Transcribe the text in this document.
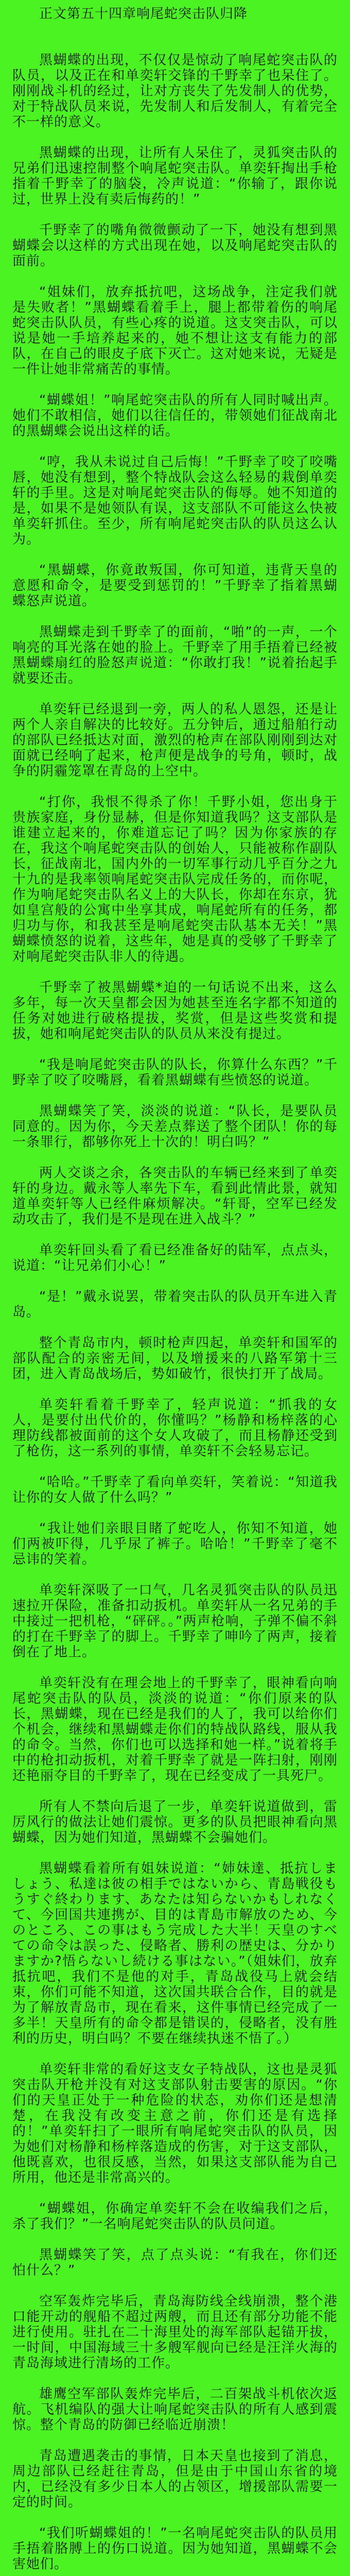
正文第五十四章响尾蛇突击队归降

黑蝴蝶的出现，不仅仅是惊动了响尾蛇突击队的队员，以及正在和单奕轩交锋的千野幸了也呆住了。刚刚战斗机的经过，让对方丧失了先发制人的优势，对于特战队员来说，先发制人和后发制人，有着完全不一样的意义。

黑蝴蝶的出现，让所有人呆住了，灵狐突击队的兄弟们迅速控制整个响尾蛇突击队。单奕轩掏出手枪指着千野幸了的脑袋，冷声说道：“你输了，跟你说过，世界上没有卖后悔药的！”

千野幸了的嘴角微微颤动了一下，她没有想到黑蝴蝶会以这样的方式出现在她，以及响尾蛇突击队的面前。

“姐妹们，放弃抵抗吧，这场战争，注定我们就是失败者！”黑蝴蝶看着手上，腿上都带着伤的响尾蛇突击队队员，有些心疼的说道。这支突击队，可以说是她一手培养起来的，她不想让这支有能力的部队，在自己的眼皮子底下灭亡。这对她来说，无疑是一件让她非常痛苦的事情。

“蝴蝶姐！”响尾蛇突击队的所有人同时喊出声。她们不敢相信，她们以往信任的，带领她们征战南北的黑蝴蝶会说出这样的话。

“哼，我从未说过自己后悔！”千野幸了咬了咬嘴唇，她没有想到，整个特战队会这么轻易的栽倒单奕轩的手里。这是对响尾蛇突击队的侮辱。她不知道的是，如果不是她领队有误，这支部队不可能这么快被单奕轩抓住。至少，所有响尾蛇突击队的队员这么认为。

“黑蝴蝶，你竟敢叛国，你可知道，违背天皇的意愿和命令，是要受到惩罚的！”千野幸了指着黑蝴蝶怒声说道。

黑蝴蝶走到千野幸了的面前，“啪”的一声，一个响亮的耳光落在她的脸上。千野幸了用手捂着已经被黑蝴蝶扇红的脸怒声说道：“你敢打我！”说着抬起手就要还击。

单奕轩已经退到一旁，两人的私人恩怨，还是让两个人亲自解决的比较好。五分钟后，通过船舶行动的部队已经抵达对面，激烈的枪声在部队刚刚到达对面就已经响了起来，枪声便是战争的号角，顿时，战争的阴霾笼罩在青岛的上空中。

“打你，我恨不得杀了你！千野小姐，您出身于贵族家庭，身份显赫，但是你知道我吗？这支部队是谁建立起来的，你难道忘记了吗？因为你家族的存在，我这个响尾蛇突击队的创始人，只能被称作副队长，征战南北，国内外的一切军事行动几乎百分之九十九的是我率领响尾蛇突击队完成任务的，而你呢，作为响尾蛇突击队名义上的大队长，你却在东京，犹如皇宫般的公寓中坐享其成，响尾蛇所有的任务，都归功与你，和我甚至是响尾蛇突击队基本无关！”黑蝴蝶愤怒的说着，这些年，她是真的受够了千野幸了对响尾蛇突击队非人的待遇。

千野幸了被黑蝴蝶*迫的一句话说不出来，这么多年，每一次天皇都会因为她甚至连名字都不知道的任务对她进行破格提拔，奖赏，但是这些奖赏和提拔，她和响尾蛇突击队的队员从来没有提过。

“我是响尾蛇突击队的队长，你算什么东西？”千野幸了咬了咬嘴唇，看着黑蝴蝶有些愤怒的说道。

黑蝴蝶笑了笑，淡淡的说道：“队长，是要队员同意的。因为你，今天差点葬送了整个团队！你的每一条罪行，都够你死上十次的！明白吗？”

两人交谈之余，各突击队的车辆已经来到了单奕轩的身边。戴永等人率先下车，看到此情此景，就知道单奕轩等人已经件麻烦解决。“轩哥，空军已经发动攻击了，我们是不是现在进入战斗？”

单奕轩回头看了看已经准备好的陆军，点点头，说道：“让兄弟们小心！”

“是！”戴永说罢，带着突击队的队员开车进入青岛。

整个青岛市内，顿时枪声四起，单奕轩和国军的部队配合的亲密无间，以及增援来的八路军第十三团，进入青岛战场后，势如破竹，很快打开了战局。

单奕轩看着千野幸了，轻声说道：“抓我的女人，是要付出代价的，你懂吗？”杨静和杨梓落的心理防线都被面前的这个女人攻破了，而且杨静还受到了枪伤，这一系列的事情，单奕轩不会轻易忘记。

“哈哈。”千野幸了看向单奕轩，笑着说：“知道我让你的女人做了什么吗？”

“我让她们亲眼目睹了蛇吃人，你知不知道，她们两被吓得，几乎尿了裤子。哈哈！”千野幸了毫不忌讳的笑着。

单奕轩深吸了一口气，几名灵狐突击队的队员迅速拉开保险，准备扣动扳机。单奕轩从一名兄弟的手中接过一把机枪，“砰砰。。”两声枪响，子弹不偏不斜的打在千野幸了的脚上。千野幸了呻吟了两声，接着倒在了地上。

单奕轩没有在理会地上的千野幸了，眼神看向响尾蛇突击队的队员，淡淡的说道：“你们原来的队长，黑蝴蝶，现在已经是我们的人了，我可以给你们个机会，继续和黑蝴蝶走你们的特战队路线，服从我的命令。当然，你们也可以选择和她一样。”说着将手中的枪扣动扳机，对着千野幸了就是一阵扫射，刚刚还艳丽夺目的千野幸了，现在已经变成了一具死尸。

所有人不禁向后退了一步，单奕轩说道做到，雷厉风行的做法让她们震惊。更多的队员把眼神看向黑蝴蝶，因为她们知道，黑蝴蝶不会骗她们。

黑蝴蝶看着所有姐妹说道：“姉妹達、抵抗しましょう、私達は彼の相手ではないから、青島戦役もうすぐ終わります、あなたは知らないかもしれなくて、今回国共連携が、目的は青島市解放のため、今のところ、この事はもう完成した大半！天皇のすべての命令は誤った、侵略者、勝利の歴史は、分かりますか?悟らないし続ける事はない。”（姐妹们，放弃抵抗吧，我们不是他的对手，青岛战役马上就会结束，你们可能不知道，这次国共联合合作，目的就是为了解放青岛市，现在看来，这件事情已经完成了一多半！天皇所有的命令都是错误的，侵略者，没有胜利的历史，明白吗？不要在继续执迷不悟了。）

单奕轩非常的看好这支女子特战队，这也是灵狐突击队开枪并没有对这支部队射击要害的原因。“你们的天皇正处于一种危险的状态，劝你们还是想清楚，在我没有改变主意之前，你们还是有选择的！”单奕轩扫了一眼所有响尾蛇突击队的队员，因为她们对杨静和杨梓落造成的伤害，对于这支部队，他既喜欢，也很反感，当然，如果这支部队能为自己所用，他还是非常高兴的。

“蝴蝶姐，你确定单奕轩不会在收编我们之后，杀了我们？”一名响尾蛇突击队的队员问道。

黑蝴蝶笑了笑，点了点头说：“有我在，你们还怕什么？”

空军轰炸完毕后，青岛海防线全线崩溃，整个港口能开动的舰船不超过两艘，而且还有部分功能不能进行使用。驻扎在二十海里处的海军部队起锚开拔，一时间，中国海域三十多艘军舰向已经是汪洋火海的青岛海域进行清场的工作。

雄鹰空军部队轰炸完毕后，二百架战斗机依次返航。飞机编队的强大让响尾蛇突击队的所有人感到震惊。整个青岛的防御已经临近崩溃！

青岛遭遇袭击的事情，日本天皇也接到了消息，周边部队已经赶往青岛，但是由于中国山东省的境内，已经没有多少日本人的占领区，增援部队需要一定的时间。

“我们听蝴蝶姐的！”一名响尾蛇突击队的队员用手捂着胳膊上的伤口说道。因为她知道，黑蝴蝶不会害她们。
